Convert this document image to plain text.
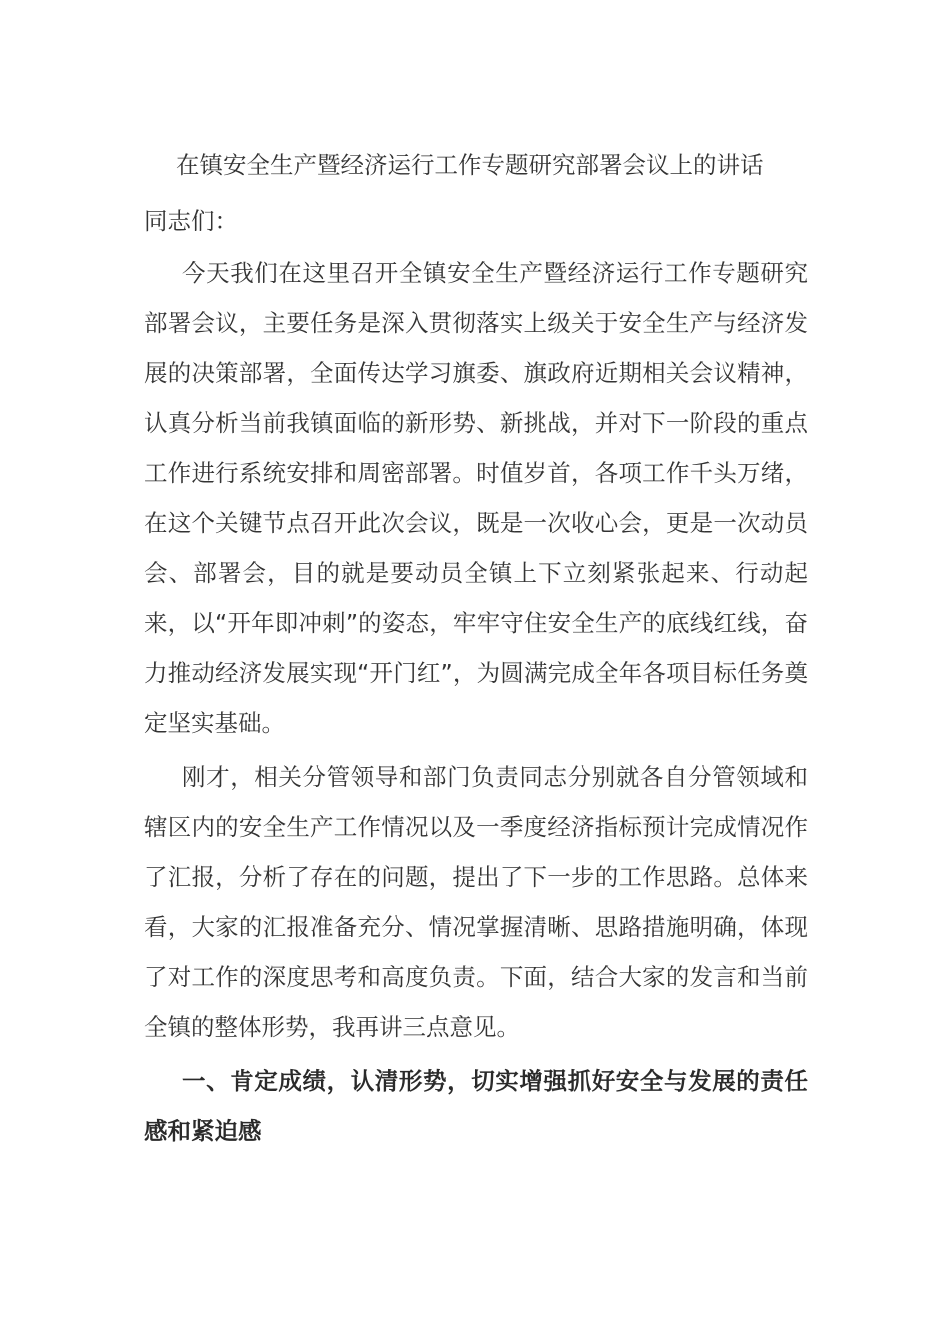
在镇安全生产暨经济运行工作专题研究部署会议上的讲话

同志们：

今天我们在这里召开全镇安全生产暨经济运行工作专题研究部署会议，主要任务是深入贯彻落实上级关于安全生产与经济发展的决策部署，全面传达学习旗委、旗政府近期相关会议精神，认真分析当前我镇面临的新形势、新挑战，并对下一阶段的重点工作进行系统安排和周密部署。时值岁首，各项工作千头万绪，在这个关键节点召开此次会议，既是一次收心会，更是一次动员会、部署会，目的就是要动员全镇上下立刻紧张起来、行动起来，以“开年即冲刺”的姿态，牢牢守住安全生产的底线红线，奋力推动经济发展实现“开门红”，为圆满完成全年各项目标任务奠定坚实基础。

刚才，相关分管领导和部门负责同志分别就各自分管领域和辖区内的安全生产工作情况以及一季度经济指标预计完成情况作了汇报，分析了存在的问题，提出了下一步的工作思路。总体来看，大家的汇报准备充分、情况掌握清晰、思路措施明确，体现了对工作的深度思考和高度负责。下面，结合大家的发言和当前全镇的整体形势，我再讲三点意见。

一、肯定成绩，认清形势，切实增强抓好安全与发展的责任感和紧迫感
